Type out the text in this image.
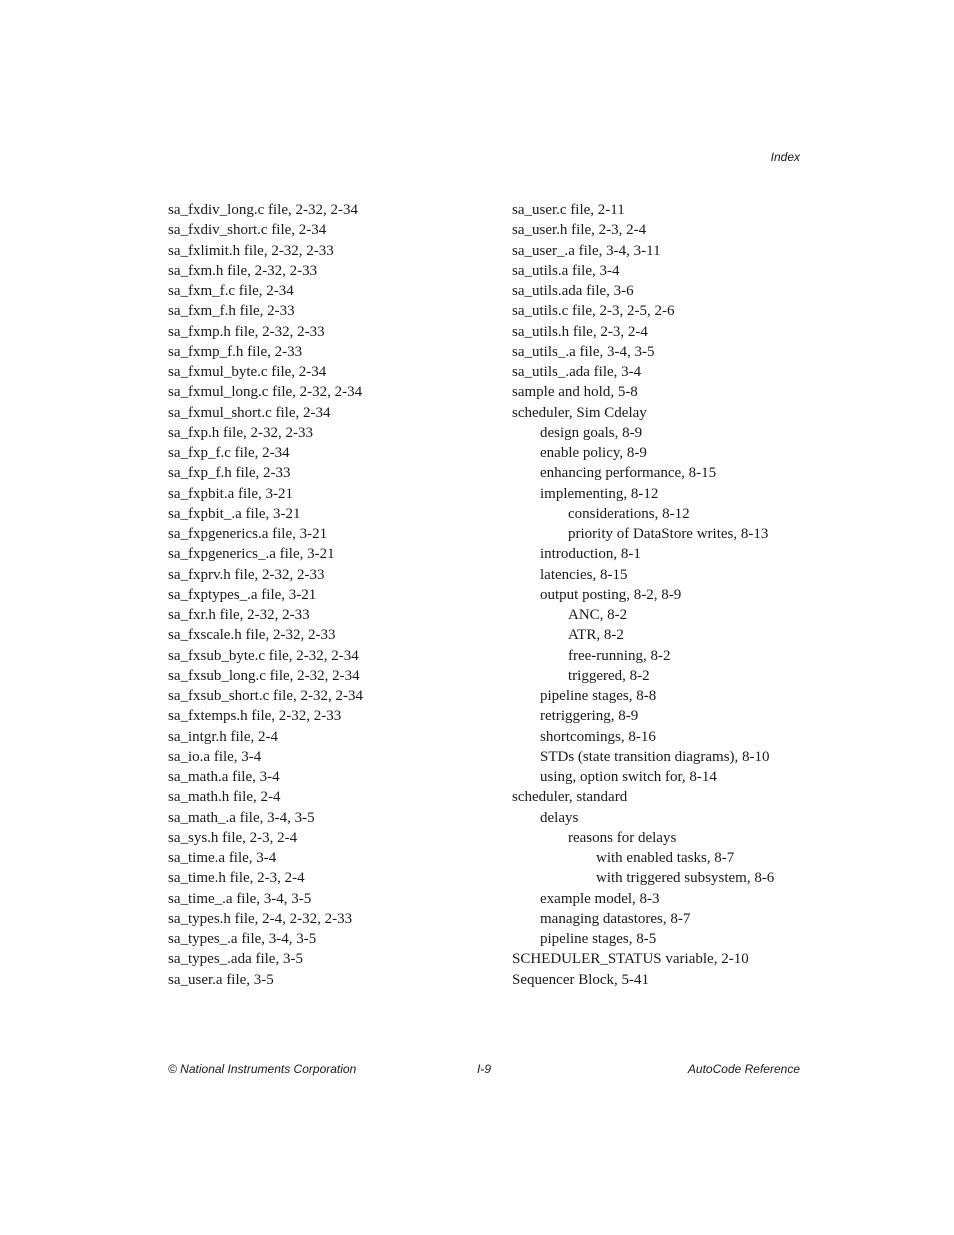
Index
sa_fxdiv_long.c file, 2-32, 2-34
sa_fxdiv_short.c file, 2-34
sa_fxlimit.h file, 2-32, 2-33
sa_fxm.h file, 2-32, 2-33
sa_fxm_f.c file, 2-34
sa_fxm_f.h file, 2-33
sa_fxmp.h file, 2-32, 2-33
sa_fxmp_f.h file, 2-33
sa_fxmul_byte.c file, 2-34
sa_fxmul_long.c file, 2-32, 2-34
sa_fxmul_short.c file, 2-34
sa_fxp.h file, 2-32, 2-33
sa_fxp_f.c file, 2-34
sa_fxp_f.h file, 2-33
sa_fxpbit.a file, 3-21
sa_fxpbit_.a file, 3-21
sa_fxpgenerics.a file, 3-21
sa_fxpgenerics_.a file, 3-21
sa_fxprv.h file, 2-32, 2-33
sa_fxptypes_.a file, 3-21
sa_fxr.h file, 2-32, 2-33
sa_fxscale.h file, 2-32, 2-33
sa_fxsub_byte.c file, 2-32, 2-34
sa_fxsub_long.c file, 2-32, 2-34
sa_fxsub_short.c file, 2-32, 2-34
sa_fxtemps.h file, 2-32, 2-33
sa_intgr.h file, 2-4
sa_io.a file, 3-4
sa_math.a file, 3-4
sa_math.h file, 2-4
sa_math_.a file, 3-4, 3-5
sa_sys.h file, 2-3, 2-4
sa_time.a file, 3-4
sa_time.h file, 2-3, 2-4
sa_time_.a file, 3-4, 3-5
sa_types.h file, 2-4, 2-32, 2-33
sa_types_.a file, 3-4, 3-5
sa_types_.ada file, 3-5
sa_user.a file, 3-5
sa_user.c file, 2-11
sa_user.h file, 2-3, 2-4
sa_user_.a file, 3-4, 3-11
sa_utils.a file, 3-4
sa_utils.ada file, 3-6
sa_utils.c file, 2-3, 2-5, 2-6
sa_utils.h file, 2-3, 2-4
sa_utils_.a file, 3-4, 3-5
sa_utils_.ada file, 3-4
sample and hold, 5-8
scheduler, Sim Cdelay
design goals, 8-9
enable policy, 8-9
enhancing performance, 8-15
implementing, 8-12
considerations, 8-12
priority of DataStore writes, 8-13
introduction, 8-1
latencies, 8-15
output posting, 8-2, 8-9
ANC, 8-2
ATR, 8-2
free-running, 8-2
triggered, 8-2
pipeline stages, 8-8
retriggering, 8-9
shortcomings, 8-16
STDs (state transition diagrams), 8-10
using, option switch for, 8-14
scheduler, standard
delays
reasons for delays
with enabled tasks, 8-7
with triggered subsystem, 8-6
example model, 8-3
managing datastores, 8-7
pipeline stages, 8-5
SCHEDULER_STATUS variable, 2-10
Sequencer Block, 5-41
© National Instruments Corporation	I-9	AutoCode Reference
